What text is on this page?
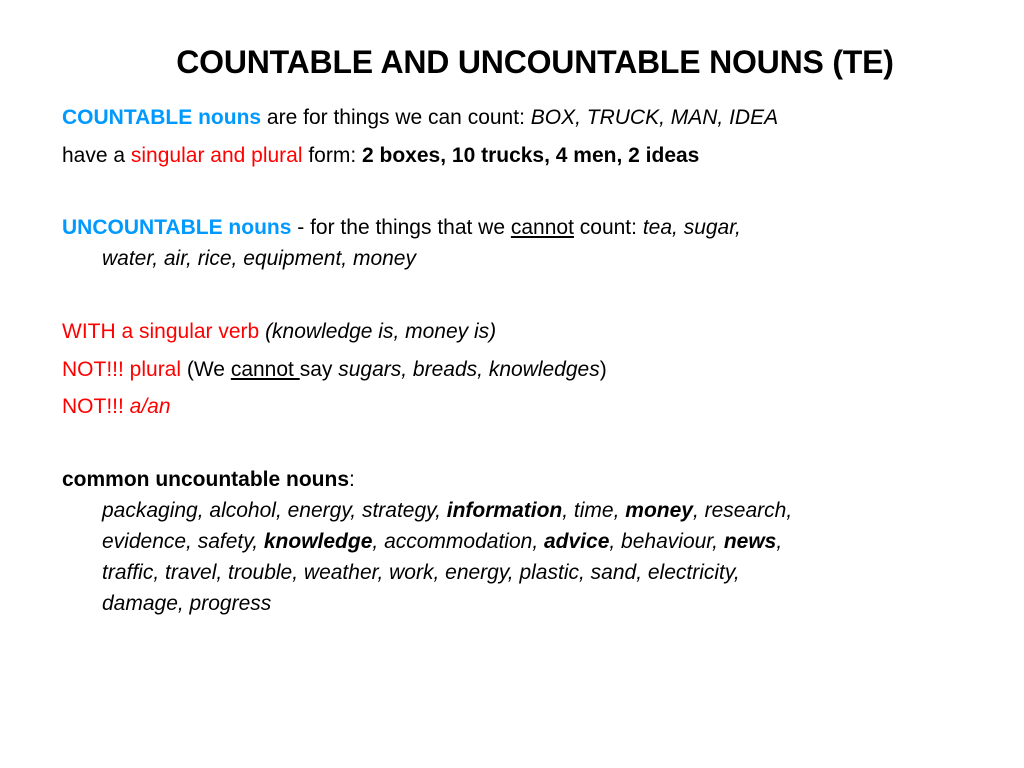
COUNTABLE AND UNCOUNTABLE NOUNS (TE)

COUNTABLE nouns are for things we can count: BOX, TRUCK, MAN, IDEA

have a singular and plural form: 2 boxes, 10 trucks, 4 men, 2 ideas

UNCOUNTABLE nouns - for the things that we cannot count: tea, sugar,

water, air, rice, equipment, money

WITH a singular verb (knowledge is, money is)

NOT!!! plural (We cannot say sugars, breads, knowledges)

NOT!!! a/an

common uncountable nouns:

packaging, alcohol, energy, strategy, information, time, money, research,

evidence, safety, knowledge, accommodation, advice, behaviour, news,

traffic, travel, trouble, weather, work, energy, plastic, sand, electricity,

damage, progress
